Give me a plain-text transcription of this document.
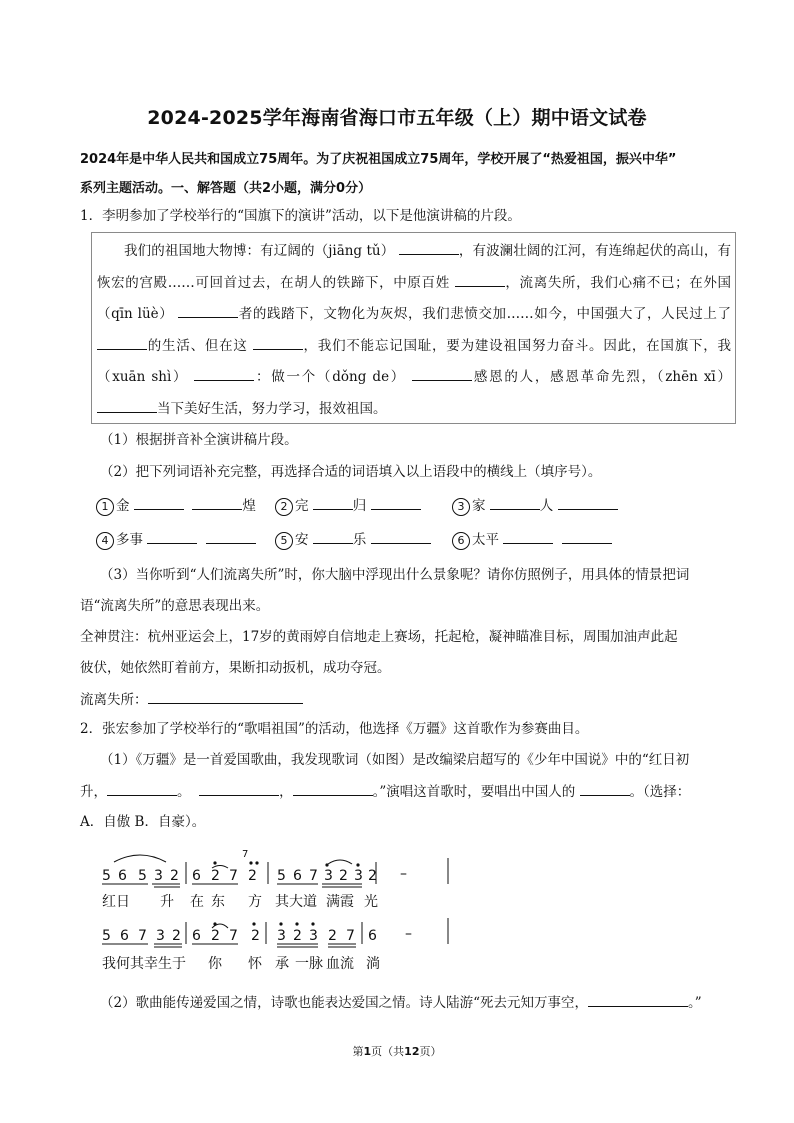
2024-2025学年海南省海口市五年级（上）期中语文试卷
2024年是中华人民共和国成立75周年。为了庆祝祖国成立75周年，学校开展了“热爱祖国，振兴中华”
系列主题活动。一、解答题（共2小题，满分0分）
1．李明参加了学校举行的“国旗下的演讲”活动，以下是他演讲稿的片段。
我们的祖国地大物博：有辽阔的（jiāng tǔ）	，有波澜壮阔的江河，有连绵起伏的高山，有恢宏的宫殿……可回首过去，在胡人的铁蹄下，中原百姓	，流离失所，我们心痛不已；在外国（qīn lüè）	者的践踏下，文物化为灰烬，我们悲愤交加……如今，中国强大了，人民过上了 的生活、但在这	，我们不能忘记国耻，要为建设祖国努力奋斗。因此，在国旗下，我（xuān shì）	：做一个（dǒng de）	感恩的人，感恩革命先烈，（zhēn xī） 当下美好生活，努力学习，报效祖国。
（1）根据拼音补全演讲稿片段。
（2）把下列词语补充完整，再选择合适的词语填入以上语段中的横线上（填序号）。
1 金	煌	2 完	归	3 家	人
4 多事	5 安	乐	6 太平
（3）当你听到“人们流离失所”时，你大脑中浮现出什么景象呢？请你仿照例子，用具体的情景把词
语“流离失所”的意思表现出来。
全神贯注：杭州亚运会上，17岁的黄雨婷自信地走上赛场，托起枪，凝神瞄准目标，周围加油声此起
彼伏，她依然盯着前方，果断扣动扳机，成功夺冠。
流离失所：
2．张宏参加了学校举行的“歌唱祖国”的活动，他选择《万疆》这首歌作为参赛曲目。
（1）《万疆》是一首爱国歌曲，我发现歌词（如图）是改编梁启超写的《少年中国说》中的“红日初
升，	。	，	。”演唱这首歌时，要唱出中国人的	。（选择：
A．自傲 B．自豪）。
5 6 5 3 2 6 2 7 2 5 6 7 3 2 3 2 –
7
红日 升 在 东 方 其大道 满霞 光
5 6 7 3 2 6 2 7 2 3 2 3 2 7 6 –
我何其幸生于 你 怀 承 一脉 血流 淌
（2）歌曲能传递爱国之情，诗歌也能表达爱国之情。诗人陆游“死去元知万事空，	。”
第1页（共12页）
